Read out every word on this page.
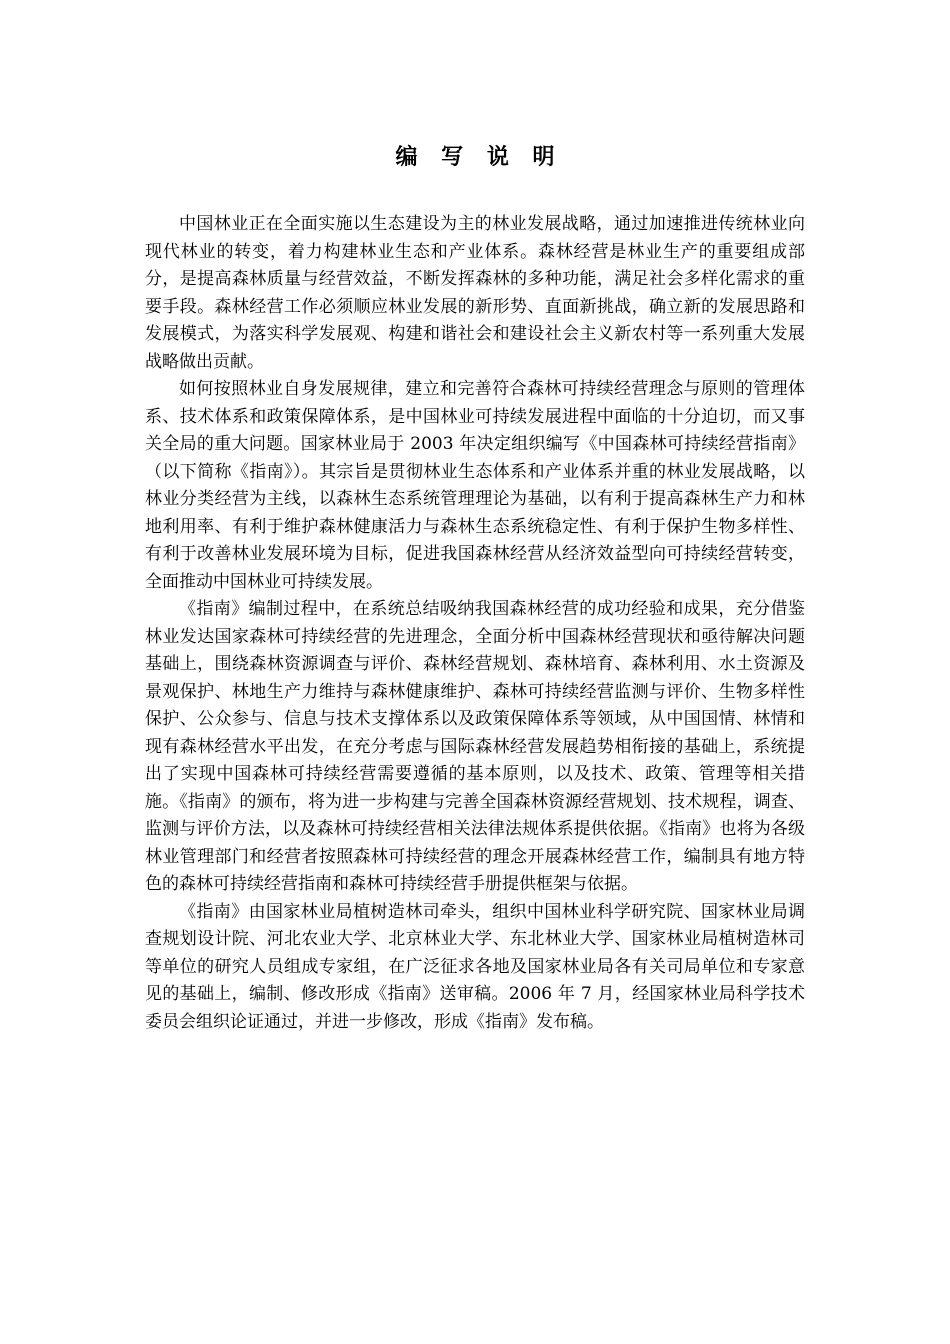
编 写 说 明

中国林业正在全面实施以生态建设为主的林业发展战略，通过加速推进传统林业向现代林业的转变，着力构建林业生态和产业体系。森林经营是林业生产的重要组成部分，是提高森林质量与经营效益，不断发挥森林的多种功能，满足社会多样化需求的重要手段。森林经营工作必须顺应林业发展的新形势、直面新挑战，确立新的发展思路和发展模式，为落实科学发展观、构建和谐社会和建设社会主义新农村等一系列重大发展战略做出贡献。

如何按照林业自身发展规律，建立和完善符合森林可持续经营理念与原则的管理体系、技术体系和政策保障体系，是中国林业可持续发展进程中面临的十分迫切，而又事关全局的重大问题。国家林业局于 2003 年决定组织编写《中国森林可持续经营指南》（以下简称《指南》）。其宗旨是贯彻林业生态体系和产业体系并重的林业发展战略，以林业分类经营为主线，以森林生态系统管理理论为基础，以有利于提高森林生产力和林地利用率、有利于维护森林健康活力与森林生态系统稳定性、有利于保护生物多样性、有利于改善林业发展环境为目标，促进我国森林经营从经济效益型向可持续经营转变，全面推动中国林业可持续发展。

《指南》编制过程中，在系统总结吸纳我国森林经营的成功经验和成果，充分借鉴林业发达国家森林可持续经营的先进理念，全面分析中国森林经营现状和亟待解决问题基础上，围绕森林资源调查与评价、森林经营规划、森林培育、森林利用、水土资源及景观保护、林地生产力维持与森林健康维护、森林可持续经营监测与评价、生物多样性保护、公众参与、信息与技术支撑体系以及政策保障体系等领域，从中国国情、林情和现有森林经营水平出发，在充分考虑与国际森林经营发展趋势相衔接的基础上，系统提出了实现中国森林可持续经营需要遵循的基本原则，以及技术、政策、管理等相关措施。《指南》的颁布，将为进一步构建与完善全国森林资源经营规划、技术规程，调查、监测与评价方法，以及森林可持续经营相关法律法规体系提供依据。《指南》也将为各级林业管理部门和经营者按照森林可持续经营的理念开展森林经营工作，编制具有地方特色的森林可持续经营指南和森林可持续经营手册提供框架与依据。

《指南》由国家林业局植树造林司牵头，组织中国林业科学研究院、国家林业局调查规划设计院、河北农业大学、北京林业大学、东北林业大学、国家林业局植树造林司等单位的研究人员组成专家组，在广泛征求各地及国家林业局各有关司局单位和专家意见的基础上，编制、修改形成《指南》送审稿。2006 年 7 月，经国家林业局科学技术委员会组织论证通过，并进一步修改，形成《指南》发布稿。
